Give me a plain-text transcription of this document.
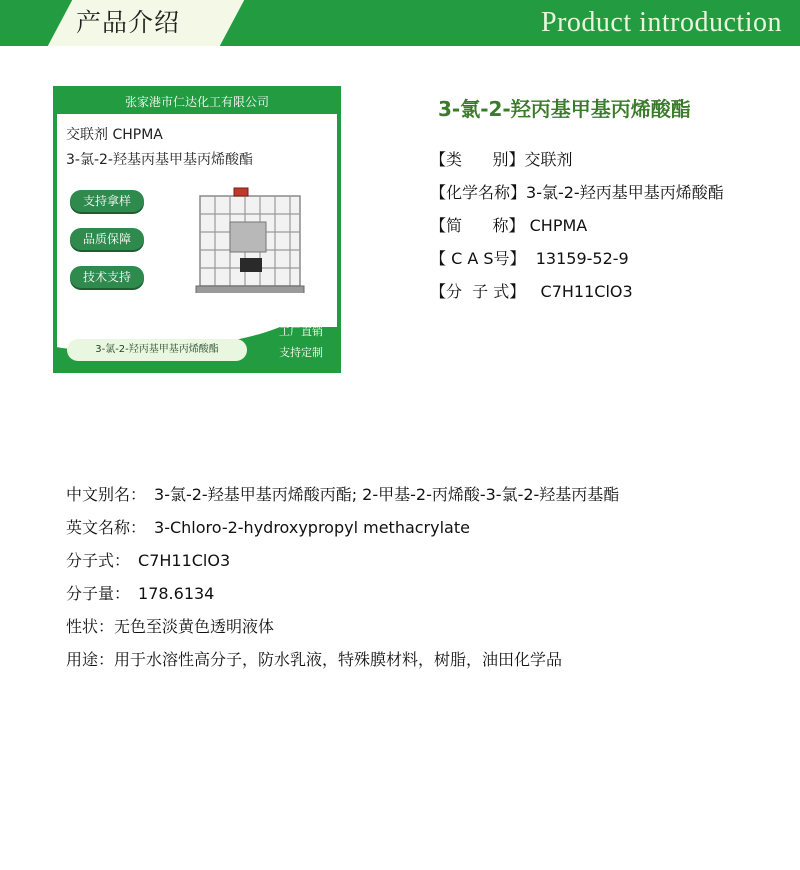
产品介绍	Product introduction
张家港市仁达化工有限公司
交联剂 CHPMA
3-氯-2-羟基丙基甲基丙烯酸酯
支持拿样
品质保障
技术支持
3-氯-2-羟丙基甲基丙烯酸酯
工厂直销
支持定制
3-氯-2-羟丙基甲基丙烯酸酯
【类      别】交联剂
【化学名称】3-氯-2-羟丙基甲基丙烯酸酯
【简      称】 CHPMA
【 C A S号】  13159-52-9
【分  子 式】   C7H11ClO3
中文别名： 3-氯-2-羟基甲基丙烯酸丙酯; 2-甲基-2-丙烯酸-3-氯-2-羟基丙基酯
英文名称： 3-Chloro-2-hydroxypropyl methacrylate
分子式： C7H11ClO3
分子量： 178.6134
性状：无色至淡黄色透明液体
用途：用于水溶性高分子，防水乳液，特殊膜材料，树脂，油田化学品
